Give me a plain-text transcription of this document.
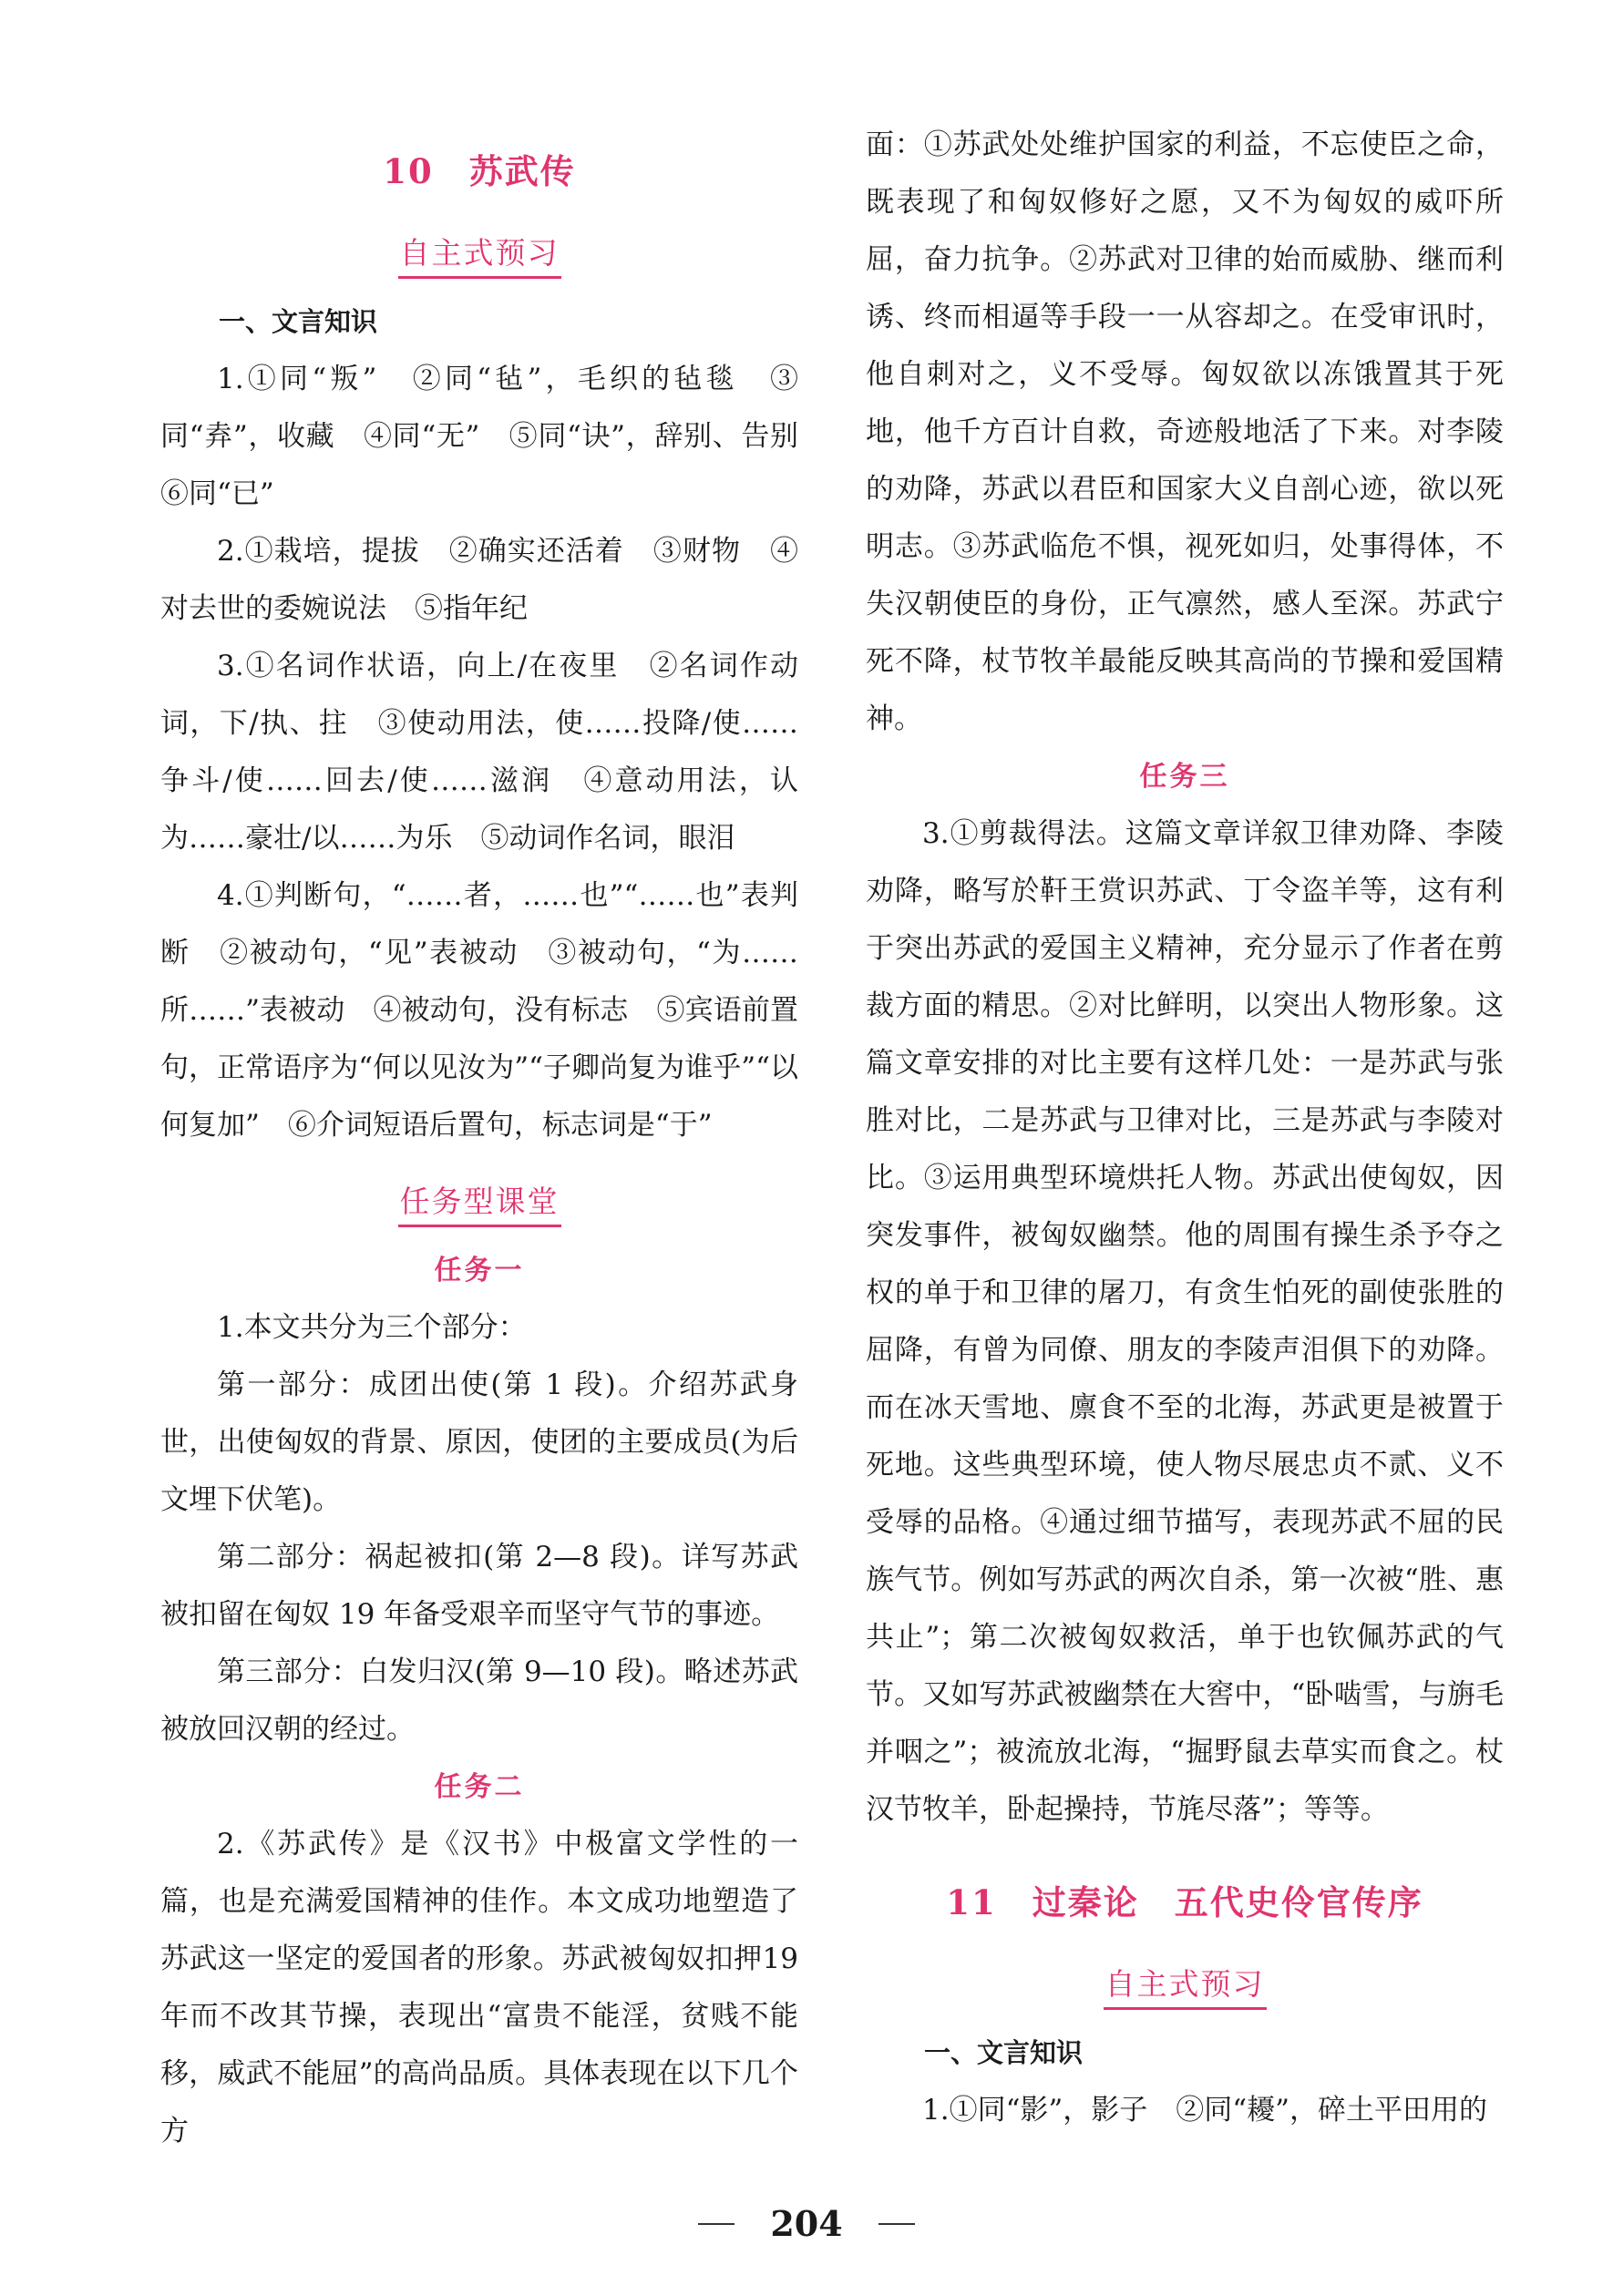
10　苏武传
自主式预习
一、文言知识

1.①同“叛”　②同“毡”，毛织的毡毯　③同“弆”，收藏　④同“无”　⑤同“诀”，辞别、告别　⑥同“已”

2.①栽培，提拔　②确实还活着　③财物　④对去世的委婉说法　⑤指年纪

3.①名词作状语，向上/在夜里　②名词作动词，下/执、拄　③使动用法，使……投降/使……争斗/使……回去/使……滋润　④意动用法，认为……豪壮/以……为乐　⑤动词作名词，眼泪

4.①判断句，“……者，……也”“……也”表判断　②被动句，“见”表被动　③被动句，“为……所……”表被动　④被动句，没有标志　⑤宾语前置句，正常语序为“何以见汝为”“子卿尚复为谁乎”“以何复加”　⑥介词短语后置句，标志词是“于”

任务型课堂
任务一

1.本文共分为三个部分：

第一部分：成团出使(第 1 段)。介绍苏武身世，出使匈奴的背景、原因，使团的主要成员(为后文埋下伏笔)。

第二部分：祸起被扣(第 2—8 段)。详写苏武被扣留在匈奴 19 年备受艰辛而坚守气节的事迹。

第三部分：白发归汉(第 9—10 段)。略述苏武被放回汉朝的经过。

任务二

2.《苏武传》是《汉书》中极富文学性的一篇，也是充满爱国精神的佳作。本文成功地塑造了苏武这一坚定的爱国者的形象。苏武被匈奴扣押19 年而不改其节操，表现出“富贵不能淫，贫贱不能移，威武不能屈”的高尚品质。具体表现在以下几个方

面：①苏武处处维护国家的利益，不忘使臣之命，既表现了和匈奴修好之愿，又不为匈奴的威吓所屈，奋力抗争。②苏武对卫律的始而威胁、继而利诱、终而相逼等手段一一从容却之。在受审讯时，他自刺对之，义不受辱。匈奴欲以冻饿置其于死地，他千方百计自救，奇迹般地活了下来。对李陵的劝降，苏武以君臣和国家大义自剖心迹，欲以死明志。③苏武临危不惧，视死如归，处事得体，不失汉朝使臣的身份，正气凛然，感人至深。苏武宁死不降，杖节牧羊最能反映其高尚的节操和爱国精神。

任务三

3.①剪裁得法。这篇文章详叙卫律劝降、李陵劝降，略写於靬王赏识苏武、丁令盗羊等，这有利于突出苏武的爱国主义精神，充分显示了作者在剪裁方面的精思。②对比鲜明，以突出人物形象。这篇文章安排的对比主要有这样几处：一是苏武与张胜对比，二是苏武与卫律对比，三是苏武与李陵对比。③运用典型环境烘托人物。苏武出使匈奴，因突发事件，被匈奴幽禁。他的周围有操生杀予夺之权的单于和卫律的屠刀，有贪生怕死的副使张胜的屈降，有曾为同僚、朋友的李陵声泪俱下的劝降。而在冰天雪地、廪食不至的北海，苏武更是被置于死地。这些典型环境，使人物尽展忠贞不贰、义不受辱的品格。④通过细节描写，表现苏武不屈的民族气节。例如写苏武的两次自杀，第一次被“胜、惠共止”；第二次被匈奴救活，单于也钦佩苏武的气节。又如写苏武被幽禁在大窖中，“卧啮雪，与旃毛并咽之”；被流放北海，“掘野鼠去草实而食之。杖汉节牧羊，卧起操持，节旄尽落”；等等。

11　过秦论　五代史伶官传序
自主式预习
一、文言知识

1.①同“影”，影子　②同“耰”，碎土平田用的

204
